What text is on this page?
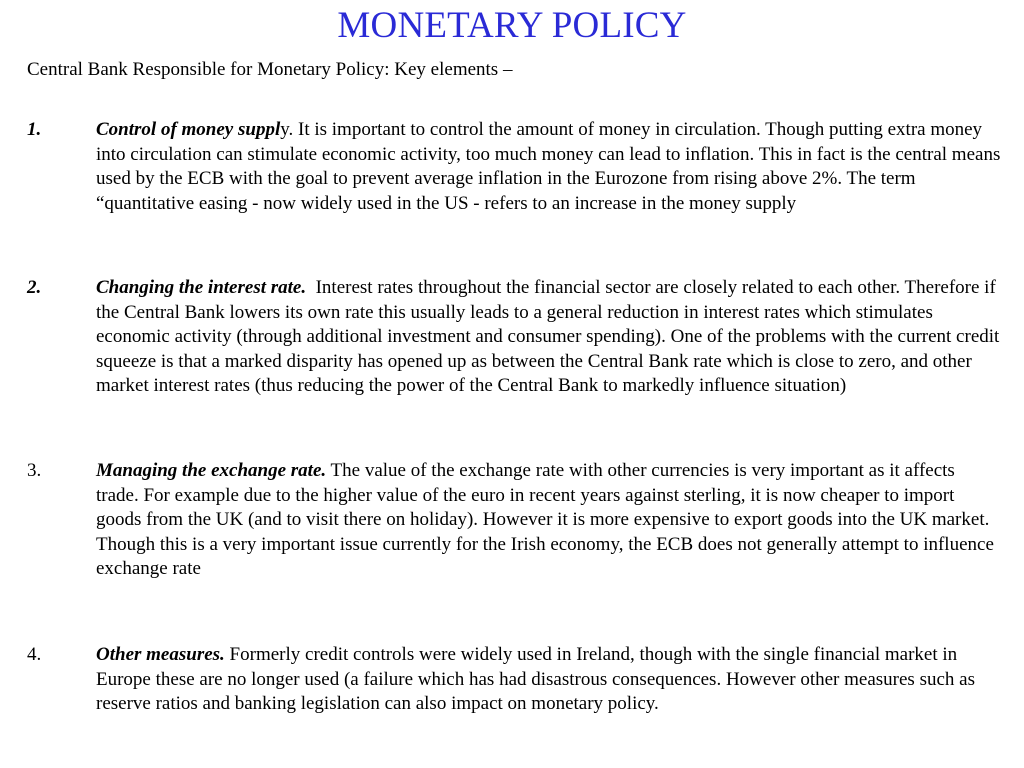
MONETARY POLICY
Central Bank Responsible for Monetary Policy: Key elements –
1.	Control of money supply. It is important to control the amount of money in circulation. Though putting extra money into circulation can stimulate economic activity, too much money can lead to inflation. This in fact is the central means used by the ECB with the goal to prevent average inflation in the Eurozone from rising above 2%. The term “quantitative easing - now widely used in the US - refers to an increase in the money supply
2.	Changing the interest rate.  Interest rates throughout the financial sector are closely related to each other. Therefore if the Central Bank lowers its own rate this usually leads to a general reduction in interest rates which stimulates economic activity (through additional investment and consumer spending). One of the problems with the current credit squeeze is that a marked disparity has opened up as between the Central Bank rate which is close to zero, and other market interest rates (thus reducing the power of the Central Bank to markedly influence situation)
3.	Managing the exchange rate. The value of the exchange rate with other currencies is very important as it affects trade. For example due to the higher value of the euro in recent years against sterling, it is now cheaper to import goods from the UK (and to visit there on holiday). However it is more expensive to export goods into the UK market. Though this is a very important issue currently for the Irish economy, the ECB does not generally attempt to influence exchange rate
4.	Other measures. Formerly credit controls were widely used in Ireland, though with the single financial market in Europe these are no longer used (a failure which has had disastrous consequences. However other measures such as reserve ratios and banking legislation can also impact on monetary policy.
